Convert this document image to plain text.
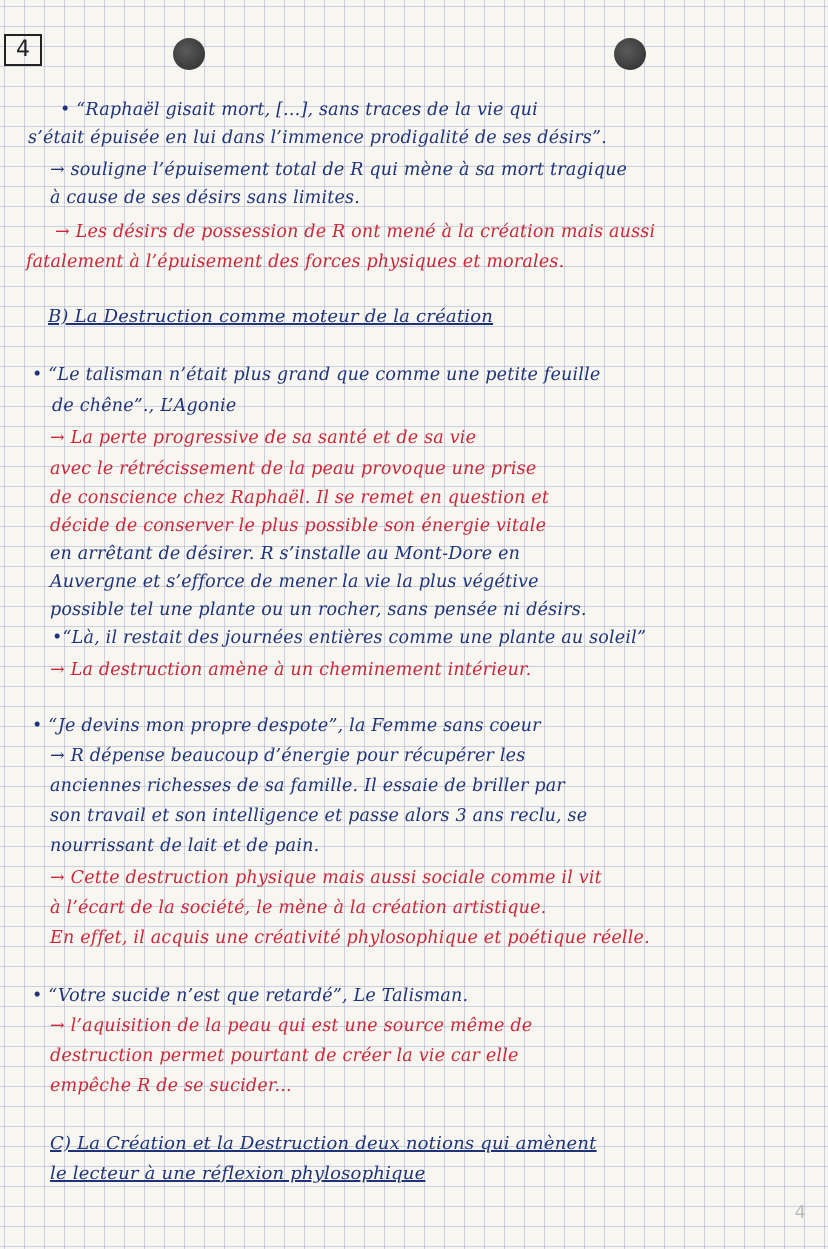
4
• “Raphaël gisait mort, [...], sans traces de la vie qui
s’était épuisée en lui dans l’immence prodigalité de ses désirs”.
→ souligne l’épuisement total de R qui mène à sa mort tragique
à cause de ses désirs sans limites.
→ Les désirs de possession de R ont mené à la création mais aussi
fatalement à l’épuisement des forces physiques et morales.
B) La Destruction comme moteur de la création
• “Le talisman n’était plus grand que comme une petite feuille
de chêne”., L’Agonie
→ La perte progressive de sa santé et de sa vie
avec le rétrécissement de la peau provoque une prise
de conscience chez Raphaël. Il se remet en question et
décide de conserver le plus possible son énergie vitale
en arrêtant de désirer. R s’installe au Mont-Dore en
Auvergne et s’efforce de mener la vie la plus végétive
possible tel une plante ou un rocher, sans pensée ni désirs.
•“Là, il restait des journées entières comme une plante au soleil”
→ La destruction amène à un cheminement intérieur.
• “Je devins mon propre despote”, la Femme sans coeur
→ R dépense beaucoup d’énergie pour récupérer les
anciennes richesses de sa famille. Il essaie de briller par
son travail et son intelligence et passe alors 3 ans reclu, se
nourrissant de lait et de pain.
→ Cette destruction physique mais aussi sociale comme il vit
à l’écart de la société, le mène à la création artistique.
En effet, il acquis une créativité phylosophique et poétique réelle.
• “Votre sucide n’est que retardé”, Le Talisman.
→ l’aquisition de la peau qui est une source même de
destruction permet pourtant de créer la vie car elle
empêche R de se sucider...
C) La Création et la Destruction deux notions qui amènent
le lecteur à une réflexion phylosophique
4
